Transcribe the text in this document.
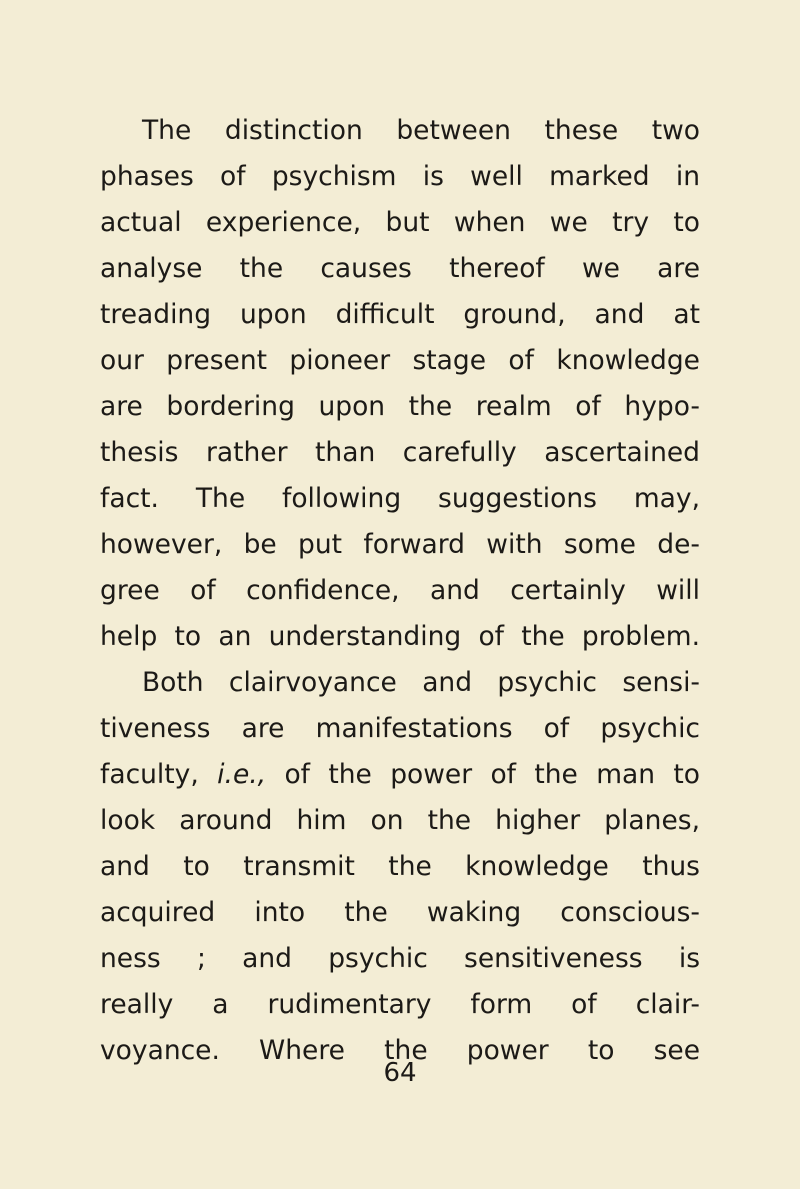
The distinction between these two
phases of psychism is well marked in
actual experience, but when we try to
analyse the causes thereof we are
treading upon difficult ground, and at
our present pioneer stage of knowledge
are bordering upon the realm of hypo-
thesis rather than carefully ascertained
fact. The following suggestions may,
however, be put forward with some de-
gree of confidence, and certainly will
help to an understanding of the problem.
Both clairvoyance and psychic sensi-
tiveness are manifestations of psychic
faculty, i.e., of the power of the man to
look around him on the higher planes,
and to transmit the knowledge thus
acquired into the waking conscious-
ness ; and psychic sensitiveness is
really a rudimentary form of clair-
voyance. Where the power to see
64
